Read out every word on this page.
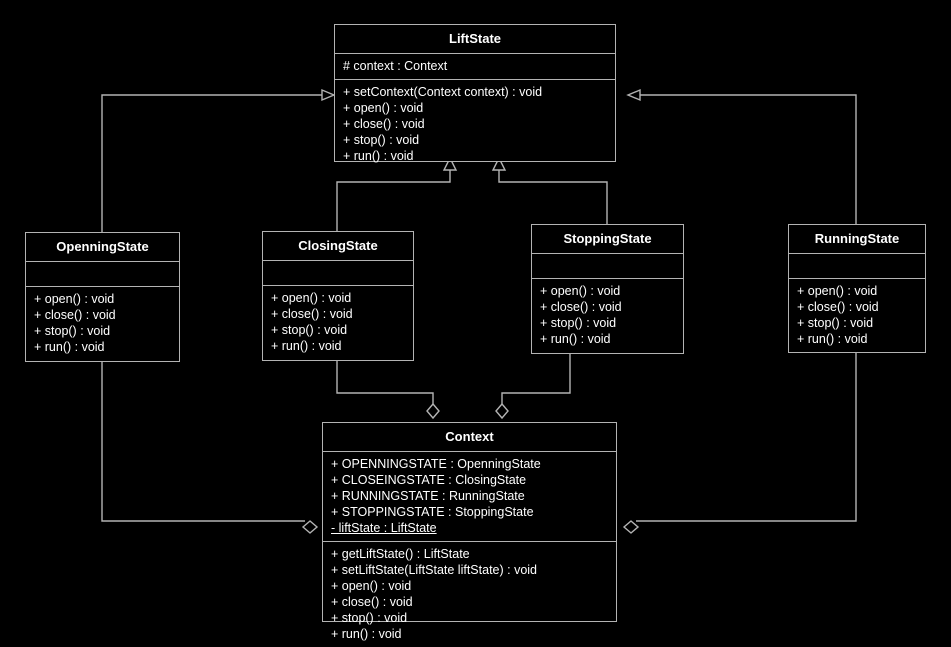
LiftState
# context : Context
+ setContext(Context context) : void
+ open() : void
+ close() : void
+ stop() : void
+ run() : void
OpenningState
+ open() : void
+ close() : void
+ stop() : void
+ run() : void
ClosingState
+ open() : void
+ close() : void
+ stop() : void
+ run() : void
StoppingState
+ open() : void
+ close() : void
+ stop() : void
+ run() : void
RunningState
+ open() : void
+ close() : void
+ stop() : void
+ run() : void
Context
+ OPENNINGSTATE : OpenningState
+ CLOSEINGSTATE : ClosingState
+ RUNNINGSTATE : RunningState
+ STOPPINGSTATE : StoppingState
- liftState : LiftState
+ getLiftState() : LiftState
+ setLiftState(LiftState liftState) : void
+ open() : void
+ close() : void
+ stop() : void
+ run() : void
